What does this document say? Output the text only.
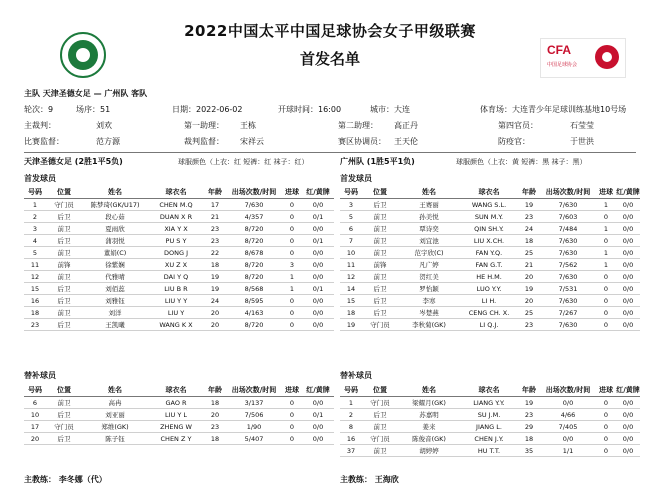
CFA
中国足球协会
2022中国太平中国足球协会女子甲级联赛
首发名单
主队 天津圣德女足 — 广州队 客队
轮次：9	场序：51	日期：2022-06-02	开球时间：16:00	城市：大连	体育场：大连青少年足球训练基地10号场
主裁判：	刘欢	第一助理： 王栋	第二助理： 高正丹	第四官员：	石莹莹
比赛监督：	范方源	裁判监督： 宋祥云	赛区协调员： 王天伦	防疫官：	于世洪
天津圣德女足 (2胜1平5负)	球服颜色（上衣：红 短裤：红 袜子：红）	广州队 (1胜5平1负)	球服颜色（上衣：黄 短裤：黑 袜子：黑）
首发球员	首发球员
号码	位置	姓名	球衣名	年龄	出场次数/时间	进球	红/黄牌
1	守门员	陈梦琦(GK/U17)	CHEN M.Q	17	7/630	0	0/0
2	后卫	段心茹	DUAN X R	21	4/357	0	0/1
3	前卫	夏雨欣	XIA Y X	23	8/720	0	0/0
4	后卫	蒲羽悦	PU S Y	23	8/720	0	0/1
5	前卫	董娟(C)	DONG J	22	8/678	0	0/0
11	前锋	徐紫娴	XU Z X	18	8/720	3	0/0
12	前卫	代雅晴	DAI Y Q	19	8/720	1	0/0
15	后卫	刘佰蕊	LIU B R	19	8/568	1	0/1
16	后卫	刘雅钰	LIU Y Y	24	8/595	0	0/0
18	前卫	刘洋	LIU Y	20	4/163	0	0/0
23	后卫	王凯曦	WANG K X	20	8/720	0	0/0
号码	位置	姓名	球衣名	年龄	出场次数/时间	进球	红/黄牌
3	后卫	王赛丽	WANG S.L.	19	7/630	1	0/0
5	前卫	孙美悦	SUN M.Y.	23	7/603	0	0/0
6	前卫	覃诗奕	QIN SH.Y.	24	7/484	1	0/0
7	前卫	刘宜池	LIU X.CH.	18	7/630	0	0/0
10	前卫	范宇欣(C)	FAN Y.Q.	25	7/630	1	0/0
11	前锋	凡广婷	FAN G.T.	21	7/562	1	0/0
12	前卫	贺红美	HE H.M.	20	7/630	0	0/0
14	后卫	罗怡颖	LUO Y.Y.	19	7/531	0	0/0
15	后卫	李寒	LI H.	20	7/630	0	0/0
18	后卫	岑楚燕	CENG CH. X.	25	7/267	0	0/0
19	守门员	李秋菊(GK)	LI Q.J.	23	7/630	0	0/0
替补球员	替补球员
号码	位置	姓名	球衣名	年龄	出场次数/时间	进球	红/黄牌
6	前卫	高冉	GAO R	18	3/137	0	0/0
10	后卫	刘亚丽	LIU Y L	20	7/506	0	0/1
17	守门员	郑维(GK)	ZHENG W	23	1/90	0	0/0
20	后卫	陈子钰	CHEN Z Y	18	5/407	0	0/0
号码	位置	姓名	球衣名	年龄	出场次数/时间	进球	红/黄牌
1	守门员	梁耀月(GK)	LIANG Y.Y.	19	0/0	0	0/0
2	后卫	苏嘉明	SU J.M.	23	4/66	0	0/0
8	前卫	姜来	JIANG L.	29	7/405	0	0/0
16	守门员	陈俊音(GK)	CHEN J.Y.	18	0/0	0	0/0
37	前卫	胡婷婷	HU T.T.	35	1/1	0	0/0
主教练： 李冬娜（代）	主教练： 王海欣
